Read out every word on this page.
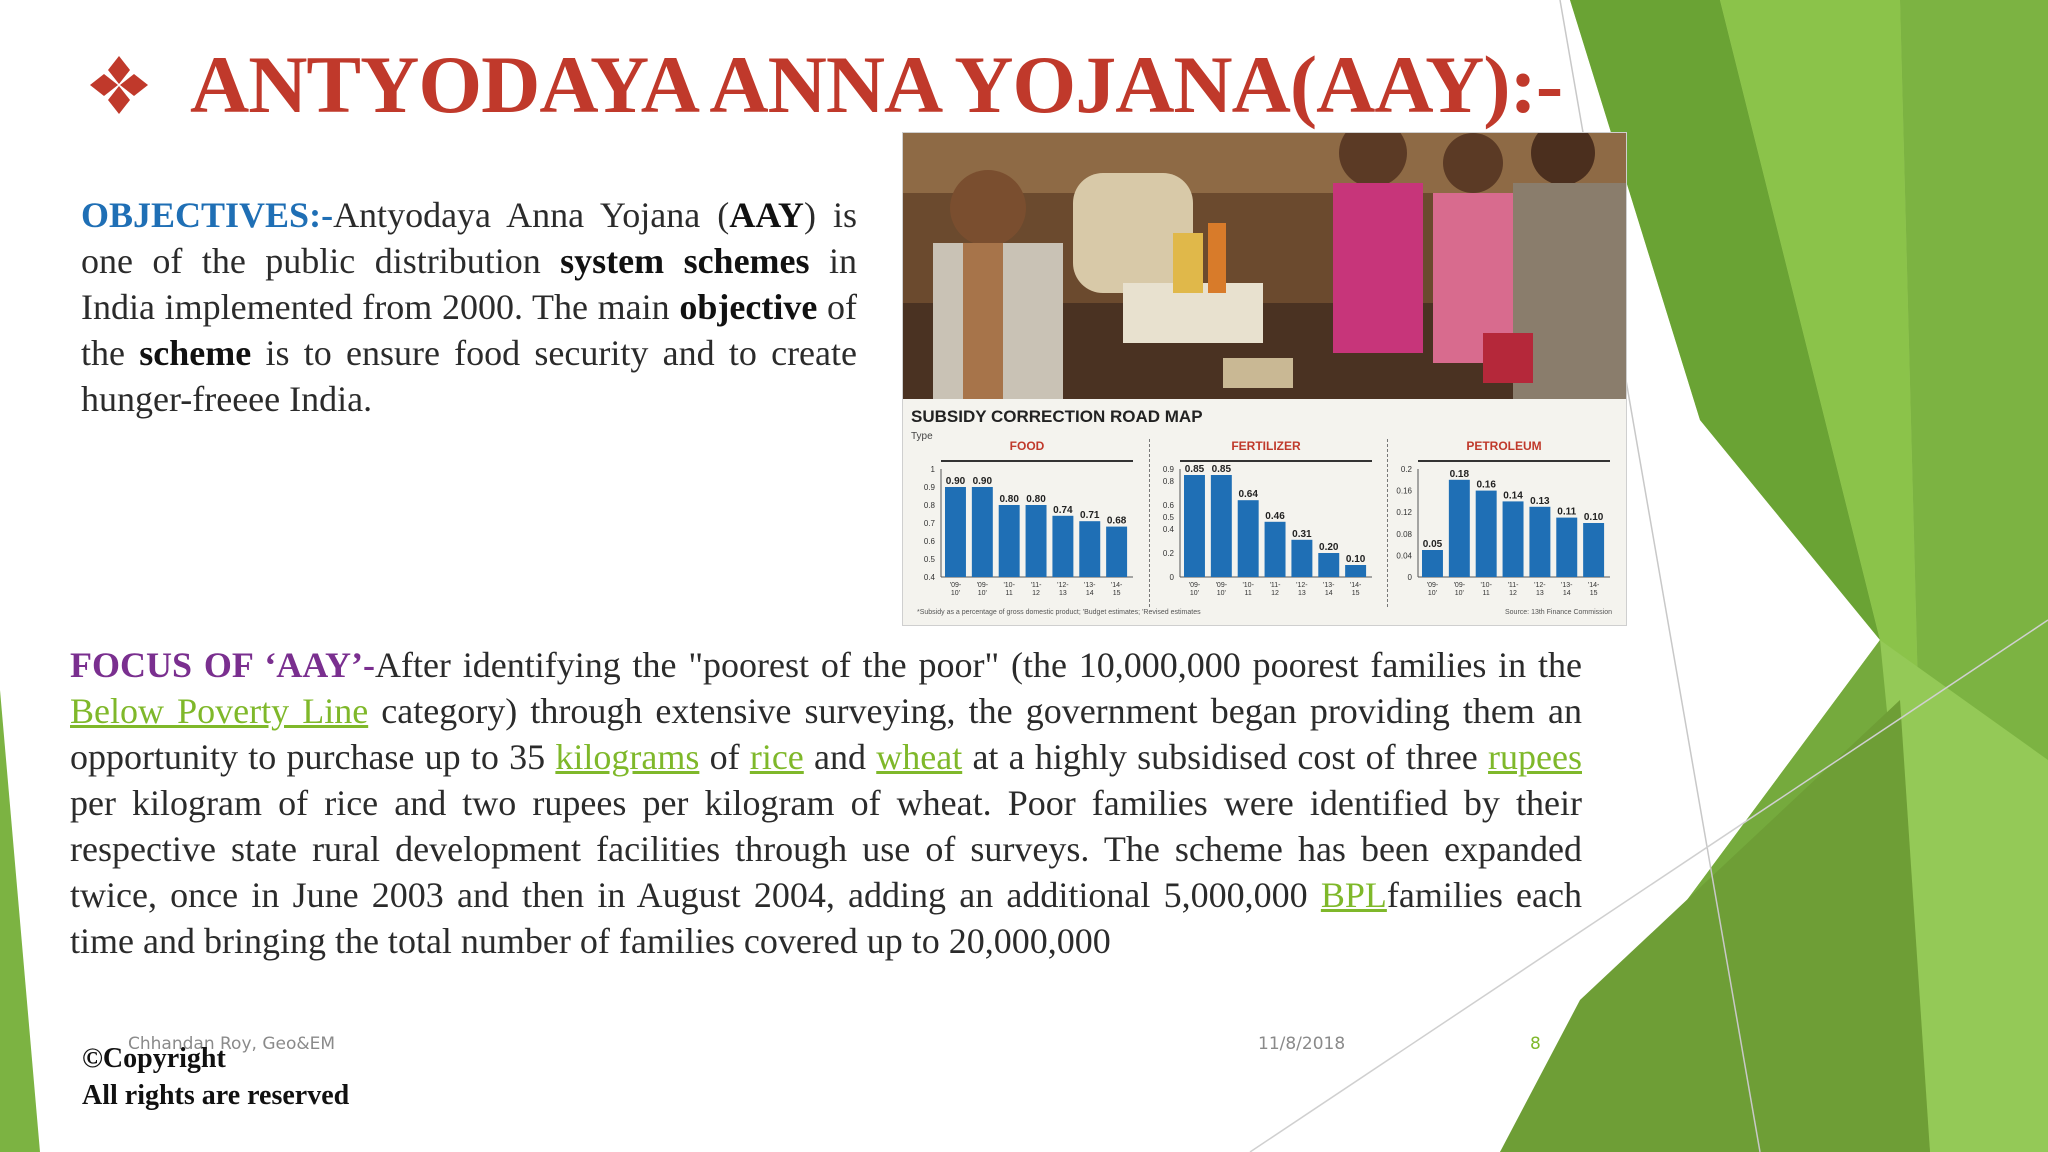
ANTYODAYA ANNA YOJANA(AAY):-
OBJECTIVES:-Antyodaya Anna Yojana (AAY) is one of the public distribution system schemes in India implemented from 2000. The main objective of the scheme is to ensure food security and to create hunger-freeee India.	SUBSIDY CORRECTION ROAD MAP
Type
FOOD
0.4
0.5
0.6
0.7
0.8
0.9
1
0.90
'09-
10'
0.90
'09-
10'
0.80
'10-
11
0.80
'11-
12
0.74
'12-
13
0.71
'13-
14
0.68
'14-
15
FERTILIZER
0
0.2
0.4
0.5
0.6
0.8
0.9 0.85
'09-
10'
0.85
'09-
10'
0.64
'10-
11
0.46
'11-
12
0.31
'12-
13
0.20
'13-
14
0.10
'14-
15
PETROLEUM
0
0.04
0.08
0.12
0.16
0.2
0.05
'09-
10'
0.18
'09-
10'
0.16
'10-
11
0.14
'11-
12
0.13
'12-
13
0.11
'13-
14
0.10
'14-
15
*Subsidy as a percentage of gross domestic product; 'Budget estimates; 'Revised estimates	Source: 13th Finance Commission
FOCUS OF ‘AAY’-After identifying the "poorest of the poor" (the 10,000,000 poorest families in the Below Poverty Line category) through extensive surveying, the government began providing them an opportunity to purchase up to 35 kilograms of rice and wheat at a highly subsidised cost of three rupees per kilogram of rice and two rupees per kilogram of wheat. Poor families were identified by their respective state rural development facilities through use of surveys. The scheme has been expanded twice, once in June 2003 and then in August 2004, adding an additional 5,000,000 BPLfamilies each time and bringing the total number of families covered up to 20,000,000
Chhandan Roy, Geo&EM	11/8/2018	8
©Copyright
All rights are reserved
